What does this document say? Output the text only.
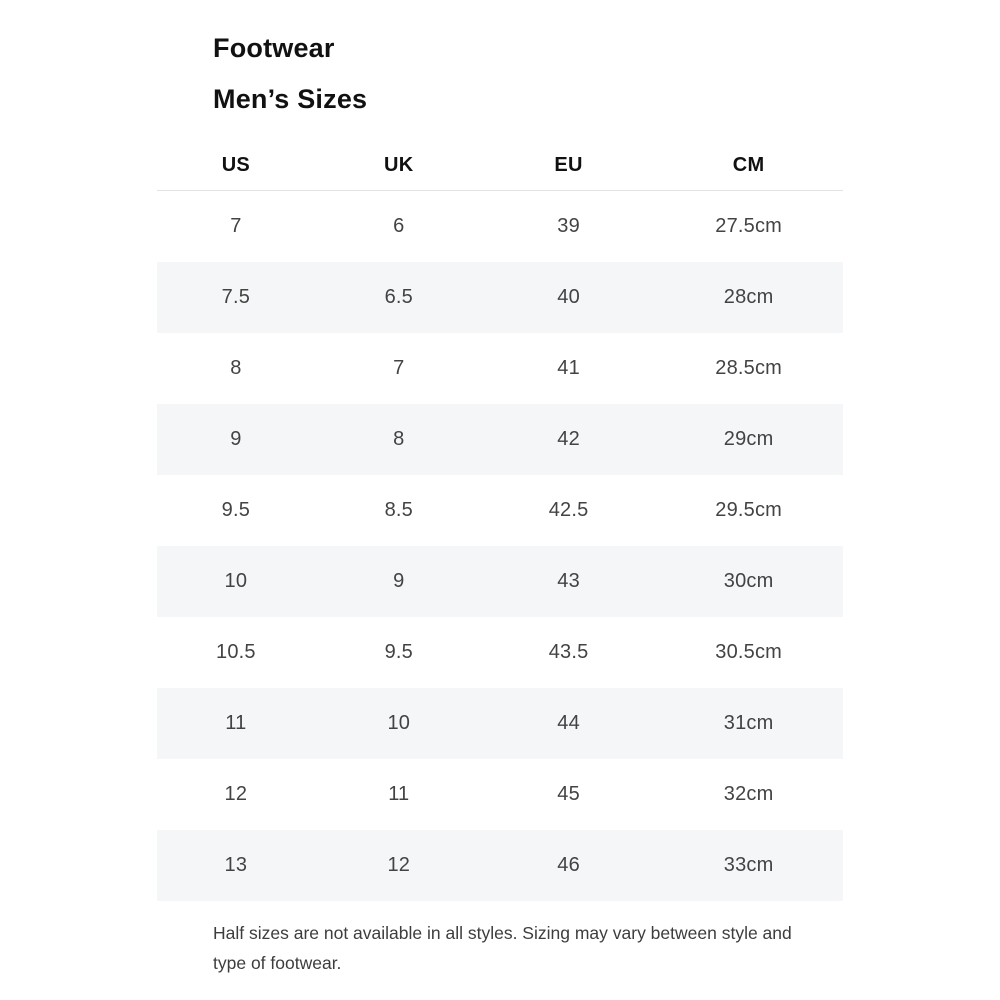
Footwear
Men’s Sizes
US	UK	EU	CM
7	6	39	27.5cm
7.5	6.5	40	28cm
8	7	41	28.5cm
9	8	42	29cm
9.5	8.5	42.5	29.5cm
10	9	43	30cm
10.5	9.5	43.5	30.5cm
11	10	44	31cm
12	11	45	32cm
13	12	46	33cm

Half sizes are not available in all styles. Sizing may vary between style and type of footwear.
